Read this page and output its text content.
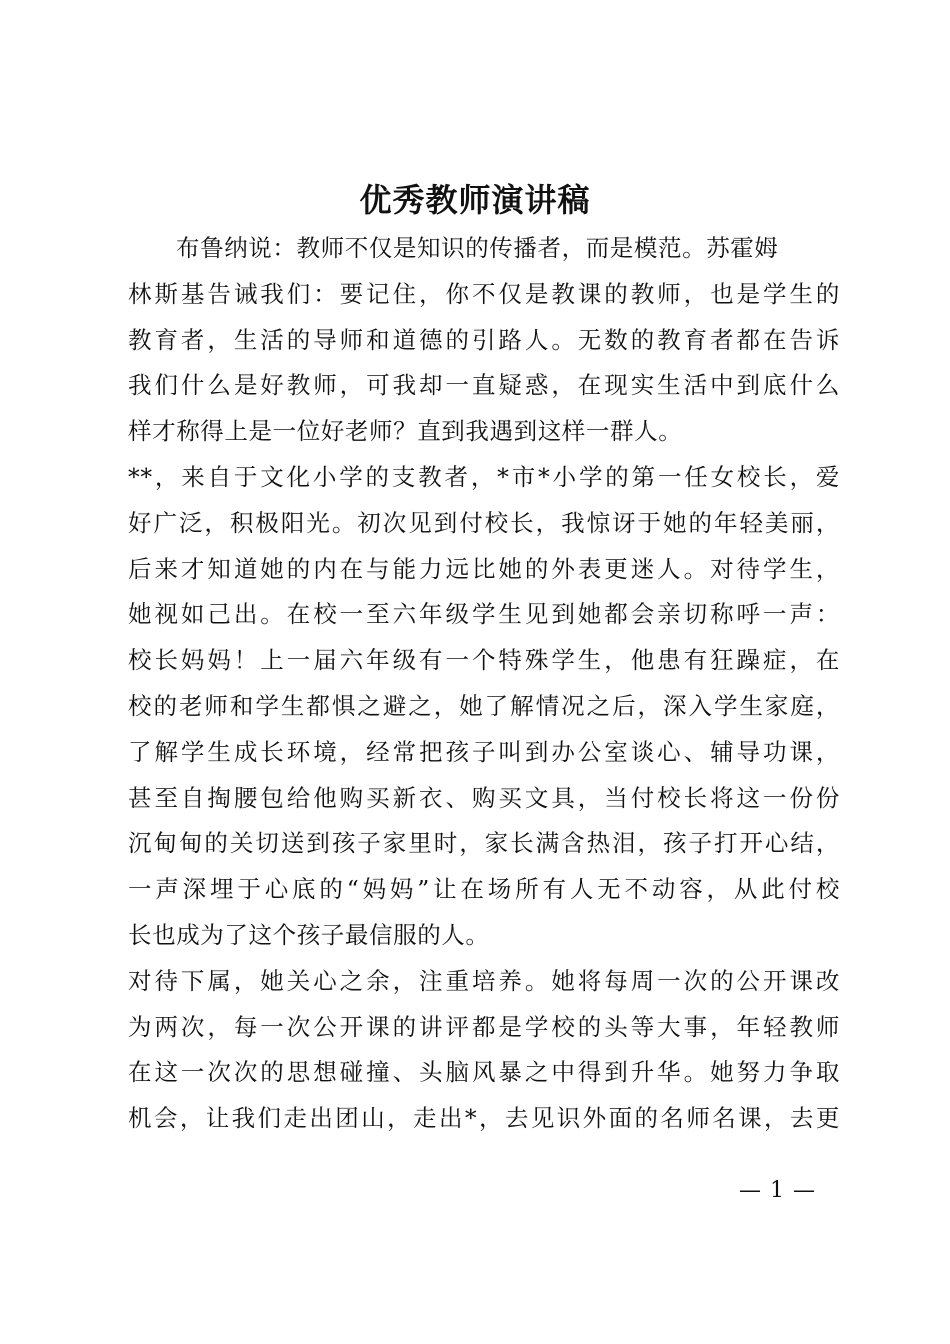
优秀教师演讲稿
布鲁纳说：教师不仅是知识的传播者，而是模范。苏霍姆
林斯基告诫我们：要记住，你不仅是教课的教师，也是学生的
教育者，生活的导师和道德的引路人。无数的教育者都在告诉
我们什么是好教师，可我却一直疑惑，在现实生活中到底什么
样才称得上是一位好老师？直到我遇到这样一群人。
**，来自于文化小学的支教者，*市*小学的第一任女校长，爱
好广泛，积极阳光。初次见到付校长，我惊讶于她的年轻美丽，
后来才知道她的内在与能力远比她的外表更迷人。对待学生，
她视如己出。在校一至六年级学生见到她都会亲切称呼一声：
校长妈妈！上一届六年级有一个特殊学生，他患有狂躁症，在
校的老师和学生都惧之避之，她了解情况之后，深入学生家庭，
了解学生成长环境，经常把孩子叫到办公室谈心、辅导功课，
甚至自掏腰包给他购买新衣、购买文具，当付校长将这一份份
沉甸甸的关切送到孩子家里时，家长满含热泪，孩子打开心结，
一声深埋于心底的“妈妈”让在场所有人无不动容，从此付校
长也成为了这个孩子最信服的人。
对待下属，她关心之余，注重培养。她将每周一次的公开课改
为两次，每一次公开课的讲评都是学校的头等大事，年轻教师
在这一次次的思想碰撞、头脑风暴之中得到升华。她努力争取
机会，让我们走出团山，走出*，去见识外面的名师名课，去更
— 1 —
